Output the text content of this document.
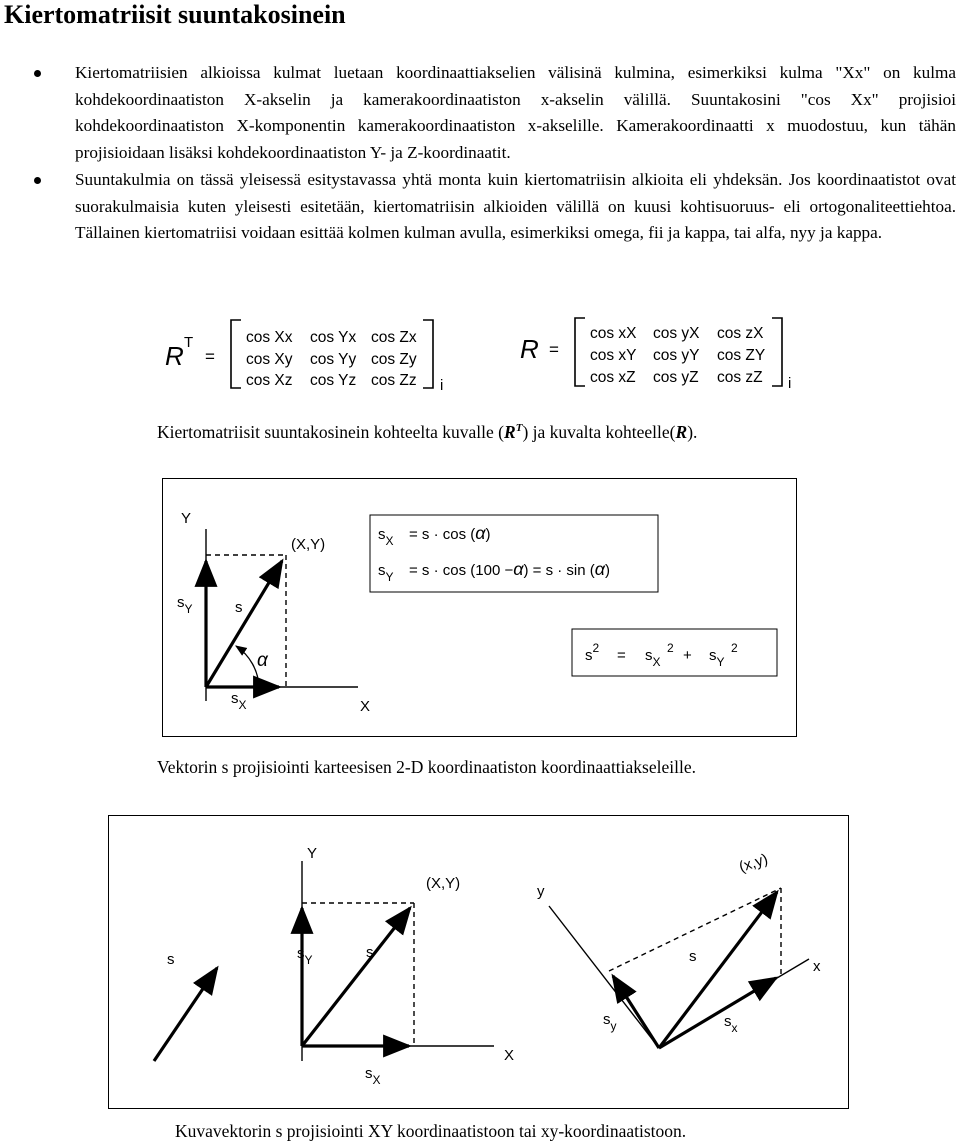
Kiertomatriisit suuntakosinein
Kiertomatriisien alkioissa kulmat luetaan koordinaattiakselien välisinä kulmina, esimerkiksi kulma "Xx" on kulma kohdekoordinaatiston X-akselin ja kamerakoordinaatiston x-akselin välillä. Suuntakosini "cos Xx" projisioi kohdekoordinaatiston X-komponentin kamerakoordinaatiston x-akselille. Kamerakoordinaatti x muodostuu, kun tähän projisioidaan lisäksi kohdekoordinaatiston Y- ja Z-koordinaatit.
Suuntakulmia on tässä yleisessä esitystavassa yhtä monta kuin kiertomatriisin alkioita eli yhdeksän. Jos koordinaatistot ovat suorakulmaisia kuten yleisesti esitetään, kiertomatriisin alkioiden välillä on kuusi kohtisuoruus- eli ortogonaliteettiehtoa. Tällainen kiertomatriisi voidaan esittää kolmen kulman avulla, esimerkiksi omega, fii ja kappa, tai alfa, nyy ja kappa.
R T
=
i
cos Xx cos Yx cos Zx
cos Xy cos Yy cos Zy
cos Xz cos Yz cos Zz
R =
i
cos xX cos yX cos zX
cos xY cos yY cos ZY
cos xZ cos yZ cos zZ
Kiertomatriisit suuntakosinein kohteelta kuvalle $(R^T)$ ja kuvalta kohteelle(R).
Y
X
(X,Y)
s
$s_Y$
$s_X$
α
$s_X = s \cdot \cos (\alpha)$
$s_Y = s \cdot \cos (100 -\alpha) = s \cdot \sin (\alpha)$
$s^2 = s_X2 + s_Y2$
Vektorin s projisiointi karteesisen 2-D koordinaatiston koordinaattiakseleille.
s
Y
X
(X,Y)
s
$s_Y$
$s_X$
y
x
(x,y)
s
$s_y$	$s_x$
Kuvavektorin s projisiointi XY koordinaatistoon tai xy-koordinaatistoon.
